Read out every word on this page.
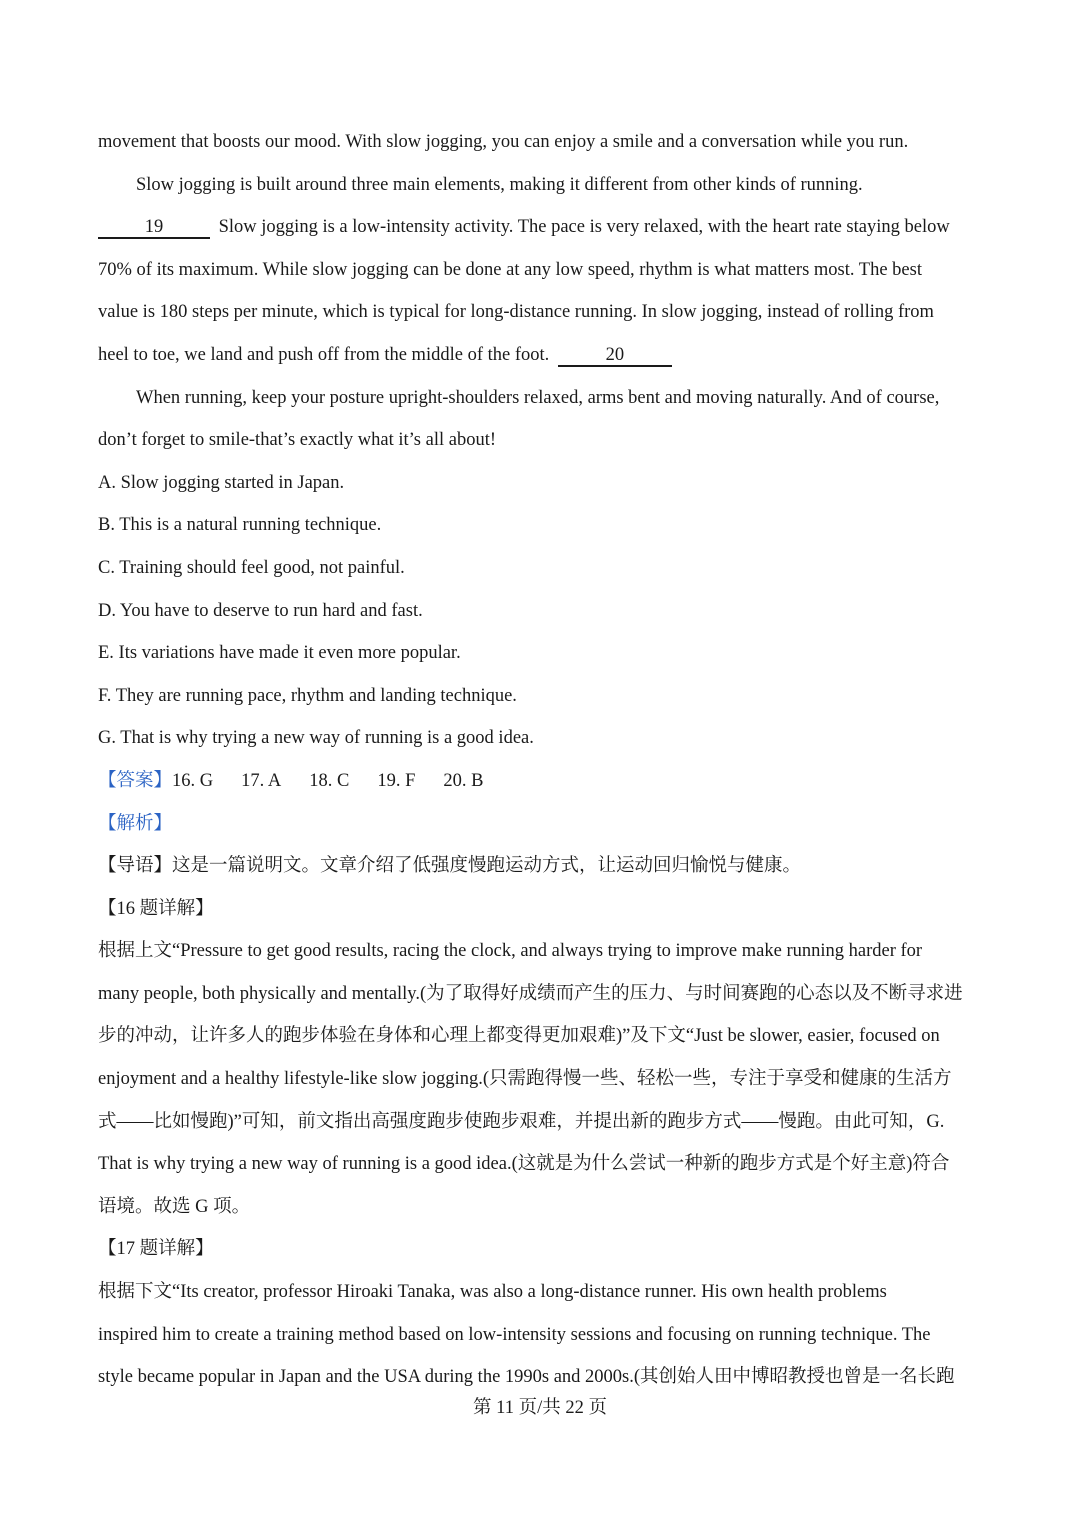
movement that boosts our mood. With slow jogging, you can enjoy a smile and a conversation while you run.
Slow jogging is built around three main elements, making it different from other kinds of running.
19	Slow jogging is a low-intensity activity. The pace is very relaxed, with the heart rate staying below
70% of its maximum. While slow jogging can be done at any low speed, rhythm is what matters most. The best
value is 180 steps per minute, which is typical for long-distance running. In slow jogging, instead of rolling from
heel to toe, we land and push off from the middle of the foot.	20
When running, keep your posture upright-shoulders relaxed, arms bent and moving naturally. And of course,
don’t forget to smile-that’s exactly what it’s all about!
A. Slow jogging started in Japan.
B. This is a natural running technique.
C. Training should feel good, not painful.
D. You have to deserve to run hard and fast.
E. Its variations have made it even more popular.
F. They are running pace, rhythm and landing technique.
G. That is why trying a new way of running is a good idea.
【答案】16. G 17. A 18. C 19. F 20. B
【解析】
【导语】这是一篇说明文。文章介绍了低强度慢跑运动方式，让运动回归愉悦与健康。
【16 题详解】
根据上文“Pressure to get good results, racing the clock, and always trying to improve make running harder for
many people, both physically and mentally.(为了取得好成绩而产生的压力、与时间赛跑的心态以及不断寻求进
步的冲动，让许多人的跑步体验在身体和心理上都变得更加艰难)”及下文“Just be slower, easier, focused on
enjoyment and a healthy lifestyle-like slow jogging.(只需跑得慢一些、轻松一些，专注于享受和健康的生活方
式——比如慢跑)”可知，前文指出高强度跑步使跑步艰难，并提出新的跑步方式——慢跑。由此可知，G.
That is why trying a new way of running is a good idea.(这就是为什么尝试一种新的跑步方式是个好主意)符合
语境。故选 G 项。
【17 题详解】
根据下文“Its creator, professor Hiroaki Tanaka, was also a long-distance runner. His own health problems
inspired him to create a training method based on low-intensity sessions and focusing on running technique. The
style became popular in Japan and the USA during the 1990s and 2000s.(其创始人田中博昭教授也曾是一名长跑
第 11 页/共 22 页
